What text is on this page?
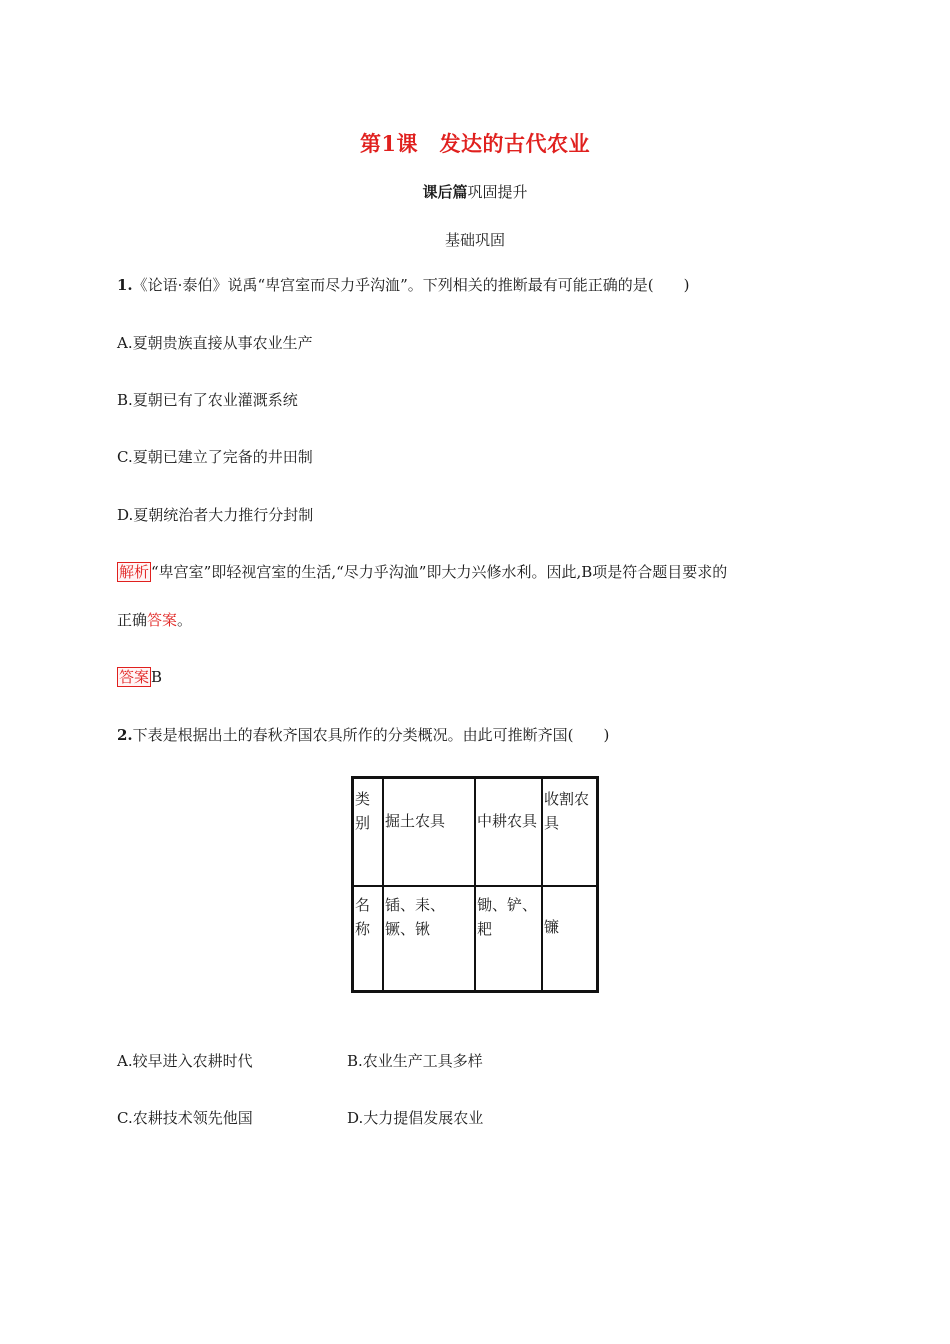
第1课　发达的古代农业
课后篇巩固提升
基础巩固
1.《论语·泰伯》说禹“卑宫室而尽力乎沟洫”。下列相关的推断最有可能正确的是(　　)
A.夏朝贵族直接从事农业生产
B.夏朝已有了农业灌溉系统
C.夏朝已建立了完备的井田制
D.夏朝统治者大力推行分封制
解析 “卑宫室”即轻视宫室的生活,“尽力乎沟洫”即大力兴修水利。因此,B项是符合题目要求的
正确答案。
答案 B
2.下表是根据出土的春秋齐国农具所作的分类概况。由此可推断齐国(　　)
类别	掘土农具	中耕农具	收割农具
名称	锸、耒、镢、锹	锄、铲、耙	镰
A.较早进入农耕时代	B.农业生产工具多样
C.农耕技术领先他国	D.大力提倡发展农业
